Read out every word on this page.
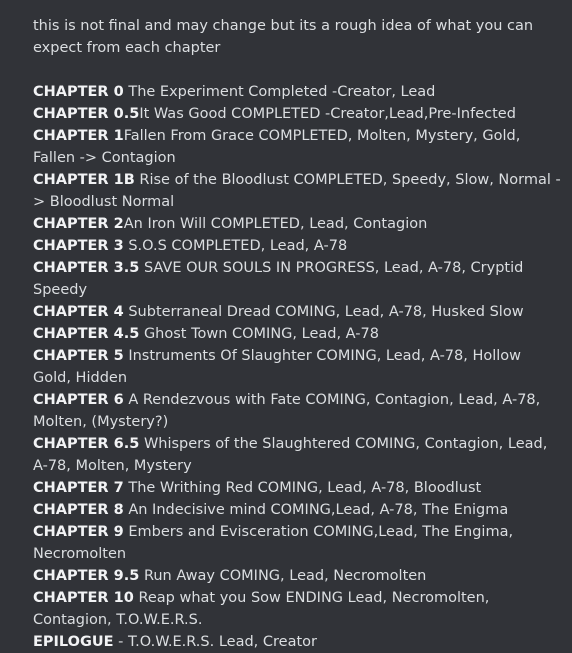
this is not final and may change but its a rough idea of what you can expect from each chapter

CHAPTER 0 The Experiment Completed -Creator, Lead

CHAPTER 0.5It Was Good COMPLETED -Creator,Lead,Pre-Infected

CHAPTER 1Fallen From Grace COMPLETED, Molten, Mystery, Gold, Fallen -> Contagion

CHAPTER 1B Rise of the Bloodlust COMPLETED, Speedy, Slow, Normal -> Bloodlust Normal

CHAPTER 2An Iron Will COMPLETED, Lead, Contagion

CHAPTER 3 S.O.S COMPLETED, Lead, A-78

CHAPTER 3.5 SAVE OUR SOULS IN PROGRESS, Lead, A-78, Cryptid Speedy

CHAPTER 4 Subterraneal Dread COMING, Lead, A-78, Husked Slow

CHAPTER 4.5 Ghost Town COMING, Lead, A-78

CHAPTER 5 Instruments Of Slaughter COMING, Lead, A-78, Hollow Gold, Hidden

CHAPTER 6 A Rendezvous with Fate COMING, Contagion, Lead, A-78, Molten, (Mystery?)

CHAPTER 6.5 Whispers of the Slaughtered COMING, Contagion, Lead, A-78, Molten, Mystery

CHAPTER 7 The Writhing Red COMING, Lead, A-78, Bloodlust

CHAPTER 8 An Indecisive mind COMING,Lead, A-78, The Enigma

CHAPTER 9 Embers and Evisceration COMING,Lead, The Engima, Necromolten

CHAPTER 9.5 Run Away COMING, Lead, Necromolten

CHAPTER 10 Reap what you Sow ENDING Lead, Necromolten, Contagion, T.O.W.E.R.S.

EPILOGUE - T.O.W.E.R.S. Lead, Creator
